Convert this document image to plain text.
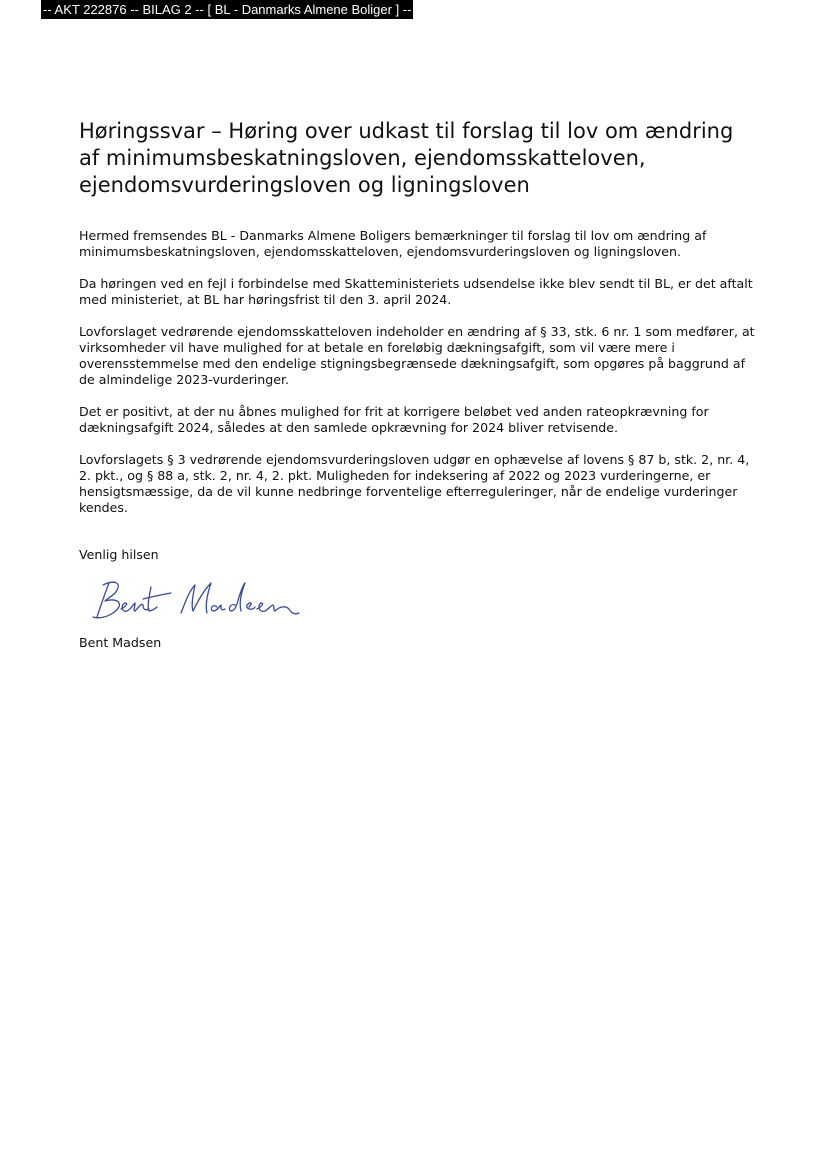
-- AKT 222876 -- BILAG 2 -- [ BL - Danmarks Almene Boliger ] --
Høringssvar – Høring over udkast til forslag til lov om ændring af minimumsbeskatningsloven, ejendomsskatteloven, ejendomsvurderingsloven og ligningsloven

Hermed fremsendes BL - Danmarks Almene Boligers bemærkninger til forslag til lov om ændring af minimumsbeskatningsloven, ejendomsskatteloven, ejendomsvurderingsloven og ligningsloven.

Da høringen ved en fejl i forbindelse med Skatteministeriets udsendelse ikke blev sendt til BL, er det aftalt med ministeriet, at BL har høringsfrist til den 3. april 2024.

Lovforslaget vedrørende ejendomsskatteloven indeholder en ændring af § 33, stk. 6 nr. 1 som medfører, at virksomheder vil have mulighed for at betale en foreløbig dækningsafgift, som vil være mere i overensstemmelse med den endelige stigningsbegrænsede dækningsafgift, som opgøres på baggrund af de almindelige 2023-vurderinger.

Det er positivt, at der nu åbnes mulighed for frit at korrigere beløbet ved anden rateopkrævning for dækningsafgift 2024, således at den samlede opkrævning for 2024 bliver retvisende.

Lovforslagets § 3 vedrørende ejendomsvurderingsloven udgør en ophævelse af lovens § 87 b, stk. 2, nr. 4, 2. pkt., og § 88 a, stk. 2, nr. 4, 2. pkt. Muligheden for indeksering af 2022 og 2023 vurderingerne, er hensigtsmæssige, da de vil kunne nedbringe forventelige efterreguleringer, når de endelige vurderinger kendes.

Venlig hilsen
Bent Madsen
